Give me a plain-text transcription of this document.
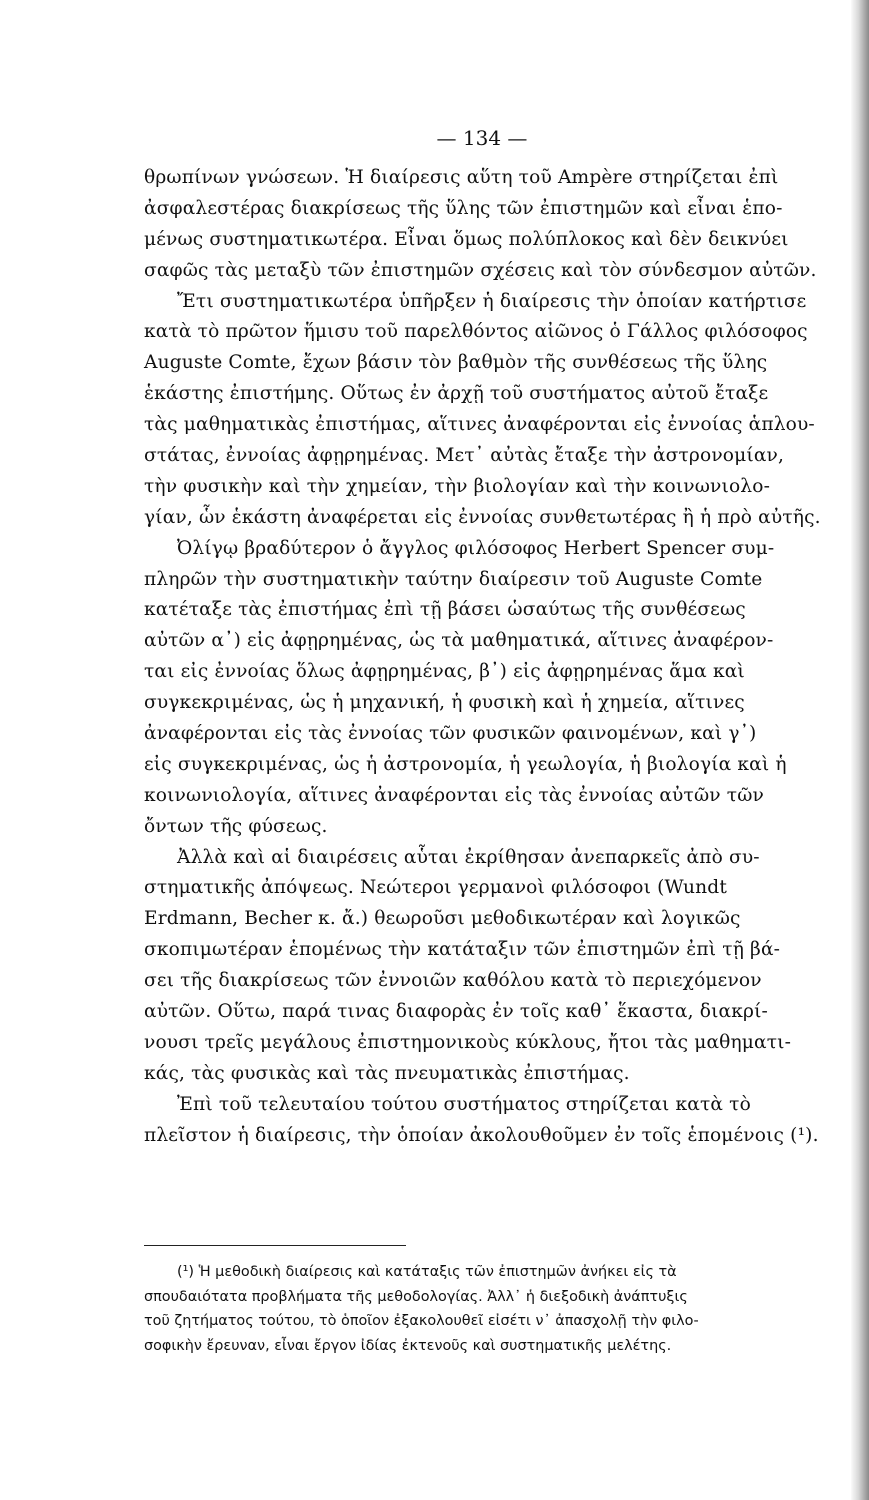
— 134 —
θρωπίνων γνώσεων. Ἡ διαίρεσις αὕτη τοῦ Ampère στηρίζεται ἐπὶ
ἀσφαλεστέρας διακρίσεως τῆς ὕλης τῶν ἐπιστημῶν καὶ εἶναι ἑπο-
μένως συστηματικωτέρα. Εἶναι ὅμως πολύπλοκος καὶ δὲν δεικνύει
σαφῶς τὰς μεταξὺ τῶν ἐπιστημῶν σχέσεις καὶ τὸν σύνδεσμον αὐτῶν.
Ἔτι συστηματικωτέρα ὑπῆρξεν ἡ διαίρεσις τὴν ὁποίαν κατήρτισε
κατὰ τὸ πρῶτον ἥμισυ τοῦ παρελθόντος αἰῶνος ὁ Γάλλος φιλόσοφος
Auguste Comte, ἔχων βάσιν τὸν βαθμὸν τῆς συνθέσεως τῆς ὕλης
ἑκάστης ἐπιστήμης. Οὕτως ἐν ἀρχῇ τοῦ συστήματος αὐτοῦ ἔταξε
τὰς μαθηματικὰς ἐπιστήμας, αἵτινες ἀναφέρονται εἰς ἐννοίας ἁπλου-
στάτας, ἐννοίας ἀφῃρημένας. Μετ᾿ αὐτὰς ἔταξε τὴν ἀστρονομίαν,
τὴν φυσικὴν καὶ τὴν χημείαν, τὴν βιολογίαν καὶ τὴν κοινωνιολο-
γίαν, ὧν ἑκάστη ἀναφέρεται εἰς ἐννοίας συνθετωτέρας ἢ ἡ πρὸ αὐτῆς.
Ὀλίγῳ βραδύτερον ὁ ἄγγλος φιλόσοφος Herbert Spencer συμ-
πληρῶν τὴν συστηματικὴν ταύτην διαίρεσιν τοῦ Auguste Comte
κατέταξε τὰς ἐπιστήμας ἐπὶ τῇ βάσει ὡσαύτως τῆς συνθέσεως
αὐτῶν α᾿) εἰς ἀφῃρημένας, ὡς τὰ μαθηματικά, αἵτινες ἀναφέρον-
ται εἰς ἐννοίας ὅλως ἀφῃρημένας, β᾿) εἰς ἀφῃρημένας ἅμα καὶ
συγκεκριμένας, ὡς ἡ μηχανική, ἡ φυσικὴ καὶ ἡ χημεία, αἵτινες
ἀναφέρονται εἰς τὰς ἐννοίας τῶν φυσικῶν φαινομένων, καὶ γ᾿)
εἰς συγκεκριμένας, ὡς ἡ ἀστρονομία, ἡ γεωλογία, ἡ βιολογία καὶ ἡ
κοινωνιολογία, αἵτινες ἀναφέρονται εἰς τὰς ἐννοίας αὐτῶν τῶν
ὄντων τῆς φύσεως.
Ἀλλὰ καὶ αἱ διαιρέσεις αὗται ἐκρίθησαν ἀνεπαρκεῖς ἀπὸ συ-
στηματικῆς ἀπόψεως. Νεώτεροι γερμανοὶ φιλόσοφοι (Wundt
Erdmann, Becher κ. ἄ.) θεωροῦσι μεθοδικωτέραν καὶ λογικῶς
σκοπιμωτέραν ἑπομένως τὴν κατάταξιν τῶν ἐπιστημῶν ἐπὶ τῇ βά-
σει τῆς διακρίσεως τῶν ἐννοιῶν καθόλου κατὰ τὸ περιεχόμενον
αὐτῶν. Οὕτω, παρά τινας διαφορὰς ἐν τοῖς καθ᾿ ἕκαστα, διακρί-
νουσι τρεῖς μεγάλους ἐπιστημονικοὺς κύκλους, ἤτοι τὰς μαθηματι-
κάς, τὰς φυσικὰς καὶ τὰς πνευματικὰς ἐπιστήμας.
Ἐπὶ τοῦ τελευταίου τούτου συστήματος στηρίζεται κατὰ τὸ
πλεῖστον ἡ διαίρεσις, τὴν ὁποίαν ἀκολουθοῦμεν ἐν τοῖς ἑπομένοις (¹).
(¹) Ἡ μεθοδικὴ διαίρεσις καὶ κατάταξις τῶν ἐπιστημῶν ἀνήκει εἰς τὰ
σπουδαιότατα προβλήματα τῆς μεθοδολογίας. Ἀλλ᾿ ἡ διεξοδικὴ ἀνάπτυξις
τοῦ ζητήματος τούτου, τὸ ὁποῖον ἐξακολουθεῖ εἰσέτι ν᾿ ἀπασχολῇ τὴν φιλο-
σοφικὴν ἔρευναν, εἶναι ἔργον ἰδίας ἐκτενοῦς καὶ συστηματικῆς μελέτης.
